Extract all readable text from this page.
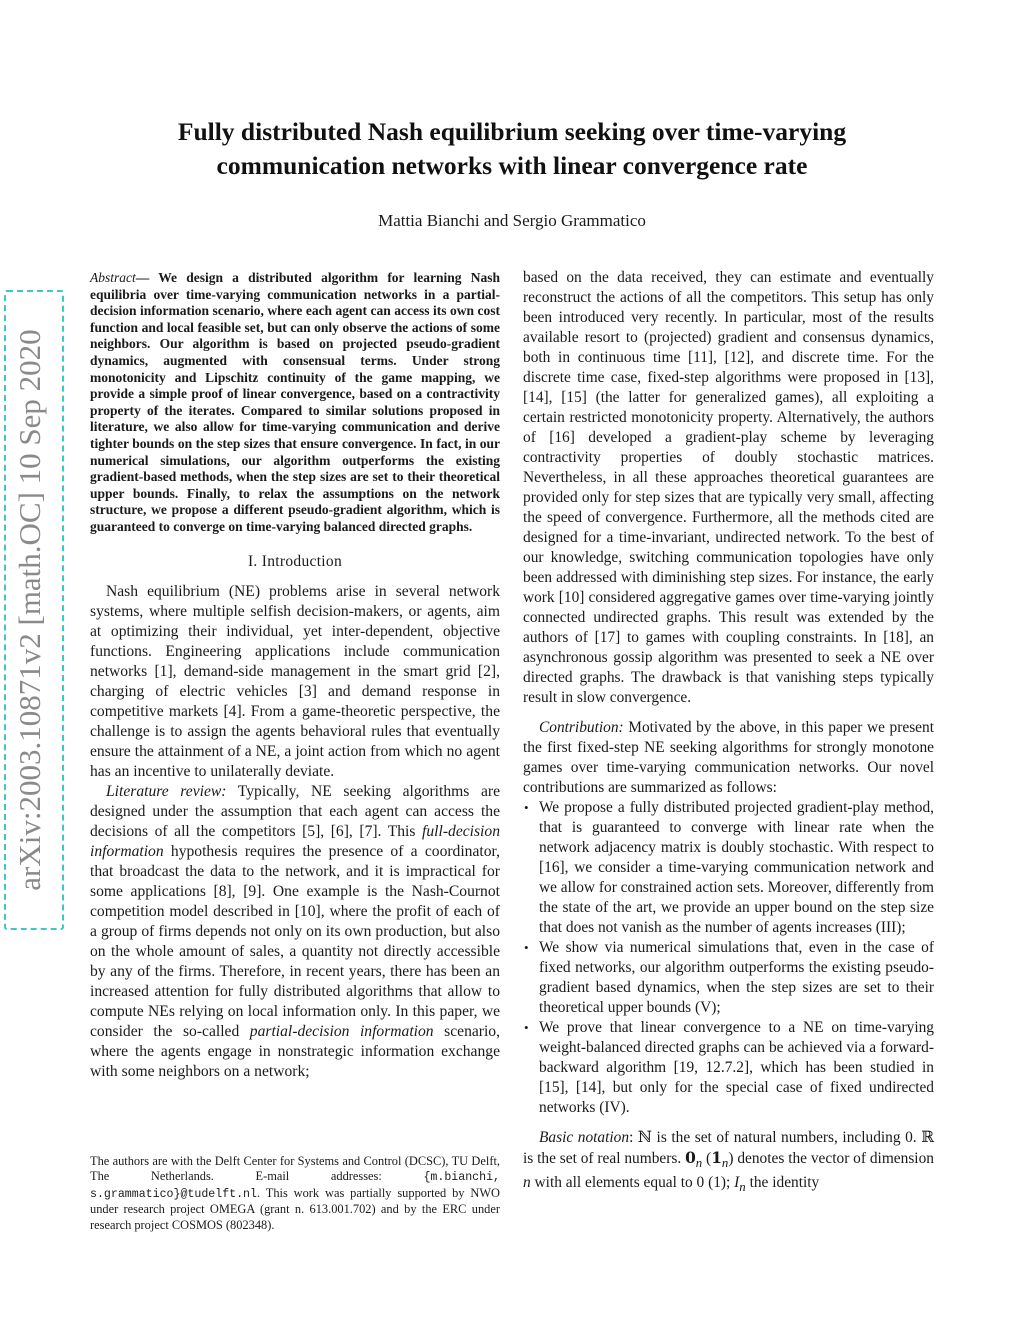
arXiv:2003.10871v2 [math.OC] 10 Sep 2020
Fully distributed Nash equilibrium seeking over time-varying
communication networks with linear convergence rate
Mattia Bianchi and Sergio Grammatico

Abstract— We design a distributed algorithm for learning Nash equilibria over time-varying communication networks in a partial-decision information scenario, where each agent can access its own cost function and local feasible set, but can only observe the actions of some neighbors. Our algorithm is based on projected pseudo-gradient dynamics, augmented with consensual terms. Under strong monotonicity and Lipschitz continuity of the game mapping, we provide a simple proof of linear convergence, based on a contractivity property of the iterates. Compared to similar solutions proposed in literature, we also allow for time-varying communication and derive tighter bounds on the step sizes that ensure convergence. In fact, in our numerical simulations, our algorithm outperforms the existing gradient-based methods, when the step sizes are set to their theoretical upper bounds. Finally, to relax the assumptions on the network structure, we propose a different pseudo-gradient algorithm, which is guaranteed to converge on time-varying balanced directed graphs.

I. Introduction

Nash equilibrium (NE) problems arise in several network systems, where multiple selfish decision-makers, or agents, aim at optimizing their individual, yet inter-dependent, objective functions. Engineering applications include communication networks [1], demand-side management in the smart grid [2], charging of electric vehicles [3] and demand response in competitive markets [4]. From a game-theoretic perspective, the challenge is to assign the agents behavioral rules that eventually ensure the attainment of a NE, a joint action from which no agent has an incentive to unilaterally deviate.

Literature review: Typically, NE seeking algorithms are designed under the assumption that each agent can access the decisions of all the competitors [5], [6], [7]. This full-decision information hypothesis requires the presence of a coordinator, that broadcast the data to the network, and it is impractical for some applications [8], [9]. One example is the Nash-Cournot competition model described in [10], where the profit of each of a group of firms depends not only on its own production, but also on the whole amount of sales, a quantity not directly accessible by any of the firms. Therefore, in recent years, there has been an increased attention for fully distributed algorithms that allow to compute NEs relying on local information only. In this paper, we consider the so-called partial-decision information scenario, where the agents engage in nonstrategic information exchange with some neighbors on a network;

The authors are with the Delft Center for Systems and Control (DCSC), TU Delft, The Netherlands. E-mail addresses: {m.bianchi, s.grammatico}@tudelft.nl. This work was partially supported by NWO under research project OMEGA (grant n. 613.001.702) and by the ERC under research project COSMOS (802348).

based on the data received, they can estimate and eventually reconstruct the actions of all the competitors. This setup has only been introduced very recently. In particular, most of the results available resort to (projected) gradient and consensus dynamics, both in continuous time [11], [12], and discrete time. For the discrete time case, fixed-step algorithms were proposed in [13], [14], [15] (the latter for generalized games), all exploiting a certain restricted monotonicity property. Alternatively, the authors of [16] developed a gradient-play scheme by leveraging contractivity properties of doubly stochastic matrices. Nevertheless, in all these approaches theoretical guarantees are provided only for step sizes that are typically very small, affecting the speed of convergence. Furthermore, all the methods cited are designed for a time-invariant, undirected network. To the best of our knowledge, switching communication topologies have only been addressed with diminishing step sizes. For instance, the early work [10] considered aggregative games over time-varying jointly connected undirected graphs. This result was extended by the authors of [17] to games with coupling constraints. In [18], an asynchronous gossip algorithm was presented to seek a NE over directed graphs. The drawback is that vanishing steps typically result in slow convergence.

Contribution: Motivated by the above, in this paper we present the first fixed-step NE seeking algorithms for strongly monotone games over time-varying communication networks. Our novel contributions are summarized as follows:

• We propose a fully distributed projected gradient-play method, that is guaranteed to converge with linear rate when the network adjacency matrix is doubly stochastic. With respect to [16], we consider a time-varying communication network and we allow for constrained action sets. Moreover, differently from the state of the art, we provide an upper bound on the step size that does not vanish as the number of agents increases (III);
• We show via numerical simulations that, even in the case of fixed networks, our algorithm outperforms the existing pseudo-gradient based dynamics, when the step sizes are set to their theoretical upper bounds (V);
• We prove that linear convergence to a NE on time-varying weight-balanced directed graphs can be achieved via a forward-backward algorithm [19, 12.7.2], which has been studied in [15], [14], but only for the special case of fixed undirected networks (IV).

Basic notation: ℕ is the set of natural numbers, including 0. ℝ is the set of real numbers. $0_n$ $(1_n)$ denotes the vector of dimension n with all elements equal to 0 (1); $I_n$ the identity
